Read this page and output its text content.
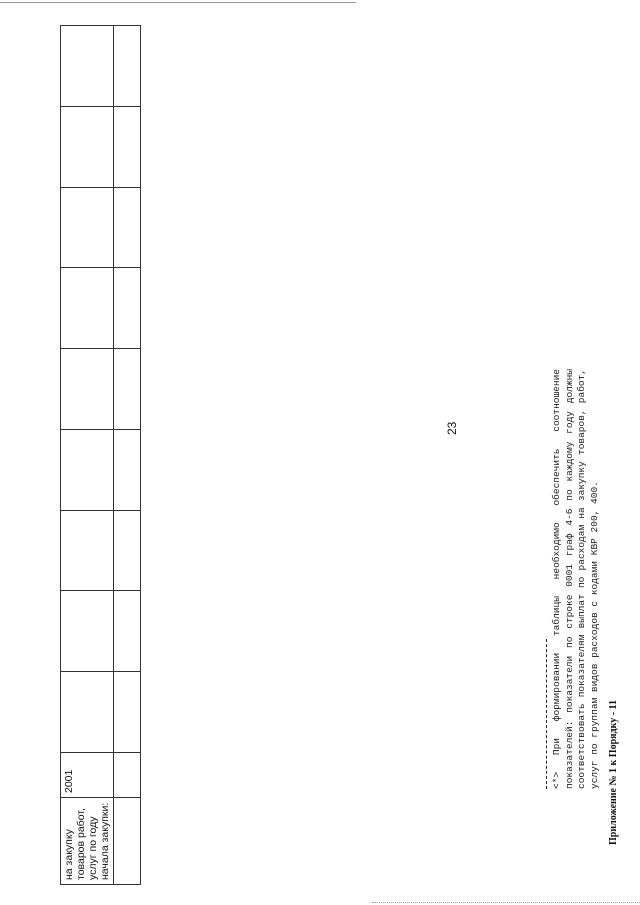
на закупку товаров работ, услуг по году начала закупки:	2001									

23	<*> При формировании таблицы необходимо обеспечить соотношение показателей: показатели по строке 0001 граф 4-6 по каждому году должны соответствовать показателям выплат по расходам на закупку товаров, работ, услуг по группам видов расходов с кодами КВР 200, 400. Приложение № 1 к Порядку - 11
